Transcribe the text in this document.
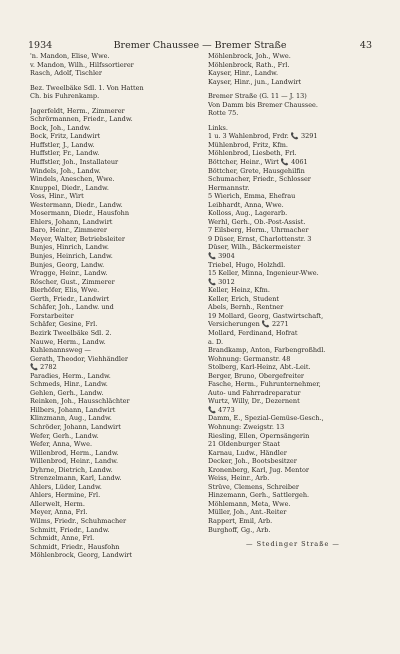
1934	Bremer Chaussee — Bremer Straße	43
'n. Mandon, Elise, Wwe.
v. Mandon, Wilh., Hilfssortierer
Rasch, Adolf, Tischler
Bez. Tweelbäke Sdl. 1. Von Hatten
Ch. bis Fuhrenkamp.
Jagerfeldt, Herm., Zimmerer
Schrörmannen, Friedr., Landw.
Bock, Joh., Landw.
Bock, Fritz, Landwirt
Huffstler, J., Landw.
Huffstler, Fr., Landw.
Huffstler, Joh., Installateur
Windels, Joh., Landw.
Windels, Aneschen, Wwe.
Knuppel, Diedr., Landw.
Voss, Hinr., Wirt
Westermann, Diedr., Landw.
Mosermann, Diedr., Hausfohn
Ehlers, Johann, Landwirt
Baro, Heinr., Zimmerer
Meyer, Walter, Betriebsleiter
Bunjes, Hinrich, Landw.
Bunjes, Heinrich, Landw.
Bunjes, Georg, Landw.
Wragge, Heinr., Landw.
Röscher, Gust., Zimmerer
Bierhöfer, Elis, Wwe.
Gerth, Friedr., Landwirt
Schäfer, Joh., Landw. und
Forstarbeiter
Schäfer, Gesine, Frl.
Bezirk Tweelbäke Sdl. 2.
Nauwe, Herm., Landw.
Kuhlenannsweg —
Gerath, Theodor, Viehhändler
📞 2782
Paradies, Herm., Landw.
Schmeds, Hinr., Landw.
Gehlen, Gerh., Landw.
Reinken, Joh., Hausschlächter
Hilbers, Johann, Landwirt
Klinzmann, Aug., Landw.
Schröder, Johann, Landwirt
Wefer, Gerh., Landw.
Wefer, Anna, Wwe.
Willenbrod, Herm., Landw.
Willenbrod, Heinr., Landw.
Dyhrne, Dietrich, Landw.
Strenzelmann, Karl, Landw.
Ahlers, Lüder, Landw.
Ahlers, Hermine, Frl.
Allerwelt, Herm.
Meyer, Anna, Frl.
Wilms, Friedr., Schuhmacher
Schmitt, Friedr., Landw.
Schmidt, Anne, Frl.
Schmidt, Friedr., Hausfohn
Möhlenbrock, Georg, Landwirt
Möhlenbrock, Joh., Wwe.
Möhlenbrock, Rath., Frl.
Kayser, Hinr., Landw.
Kayser, Hinr., jun., Landwirt
Bremer Straße (G. 11 — J. 13)
Von Damm bis Bremer Chaussee.
Rotte 75.
Links.
1 u. 3 Wahlenbrod, Frdr. 📞 3291
Mühlenbrod, Fritz, Kfm.
Möhlenbrod, Liesbeth, Frl.
Böttcher, Heinr., Wirt 📞 4061
Böttcher, Grete, Hausgehilfin
Schumacher, Friedr., Schlosser
Hermannstr.
5 Wierich, Emma, Ehefrau
Leibhardt, Anna, Wwe.
Kolloss, Aug., Lagerarb.
Werhl, Gerh., Ob.-Post-Assist.
7 Eilsberg, Herm., Uhrmacher
9 Düser, Ernst, Charlottenstr. 3
Düser, Wilh., Bäckermeister
📞 3904
Triebel, Hugo, Holzhdl.
15 Keller, Minna, Ingenieur-Wwe.
📞 3012
Keller, Heinz, Kfm.
Keller, Erich, Student
Abels, Bernh., Rentner
19 Mollard, Georg, Gastwirtschaft,
Versicherungen 📞 2271
Mollard, Ferdinand, Hofrat
a. D.
Brandkamp, Anton, Farbengroßhdl.
Wohnung: Germanstr. 48
Stolberg, Karl-Heinz, Abt.-Leit.
Berger, Bruno, Obergefreiter
Fasche, Herm., Fuhrunternehmer,
Auto- und Fahrradreparatur
Wurtz, Willy, Dr., Dezernent
📞 4773
Damm, E., Spezial-Gemüse-Gesch.,
Wohnung: Zweigstr. 13
Riesling, Ellen, Opernsängerin
21 Oldenburger Staat
Karnau, Ludw., Händler
Decker, Joh., Bootsbesitzer
Kronenberg, Karl, Jug. Mentor
Weiss, Heinr., Arb.
Strüve, Clemens, Schreiber
Hinzemann, Gerh., Sattlergeh.
Möhlemann, Meta, Wwe.
Müller, Joh., Ant.-Reiter
Rappert, Emil, Arb.
Burghoff, Gg., Arb.
— Stedinger Straße —
